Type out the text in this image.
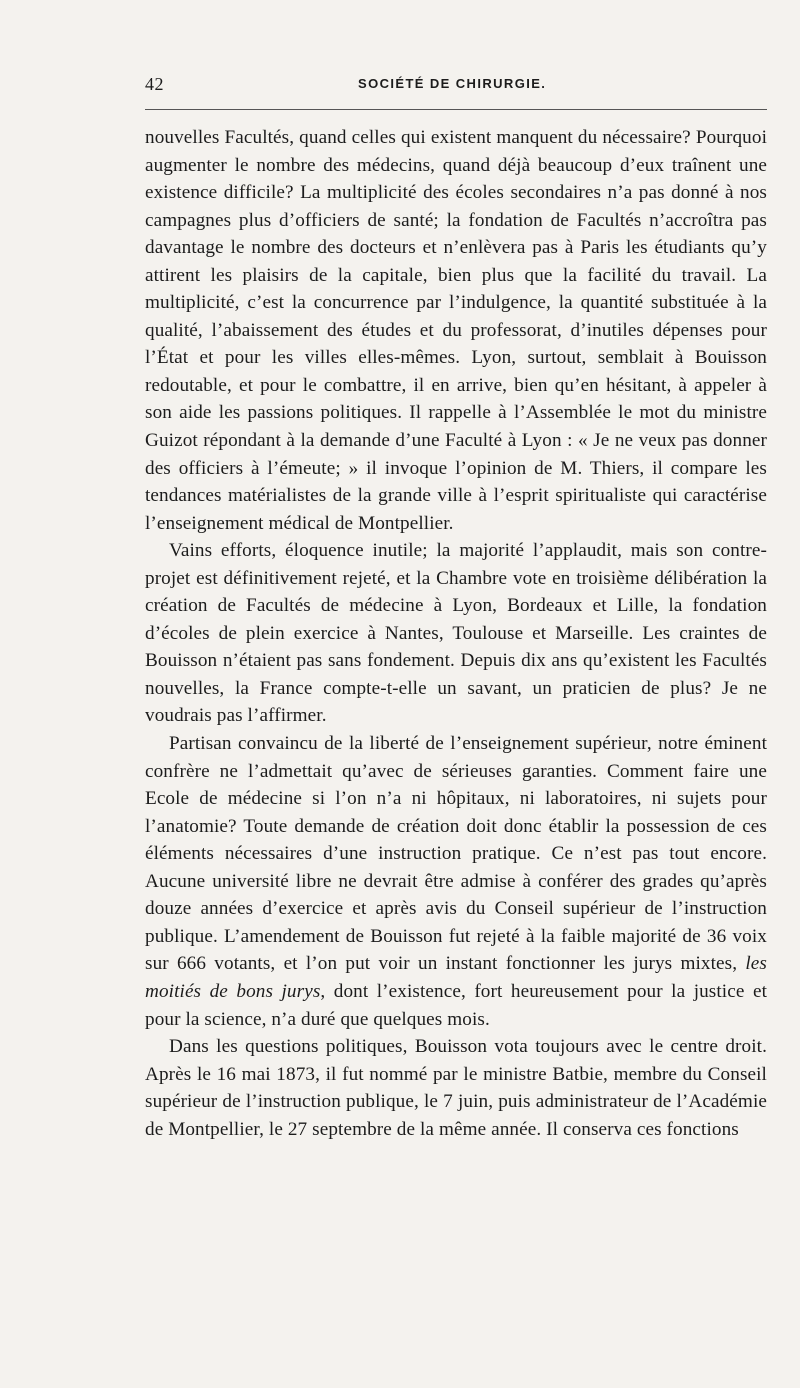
42	SOCIÉTÉ DE CHIRURGIE.

nouvelles Facultés, quand celles qui existent manquent du nécessaire? Pourquoi augmenter le nombre des médecins, quand déjà beaucoup d’eux traînent une existence difficile? La multiplicité des écoles secondaires n’a pas donné à nos campagnes plus d’officiers de santé; la fondation de Facultés n’accroîtra pas davantage le nombre des docteurs et n’enlèvera pas à Paris les étudiants qu’y attirent les plaisirs de la capitale, bien plus que la facilité du travail. La multiplicité, c’est la concurrence par l’indulgence, la quantité substituée à la qualité, l’abaissement des études et du professorat, d’inutiles dépenses pour l’État et pour les villes elles-mêmes. Lyon, surtout, semblait à Bouisson redoutable, et pour le combattre, il en arrive, bien qu’en hésitant, à appeler à son aide les passions politiques. Il rappelle à l’Assemblée le mot du ministre Guizot répondant à la demande d’une Faculté à Lyon : « Je ne veux pas donner des officiers à l’émeute; » il invoque l’opinion de M. Thiers, il compare les tendances matérialistes de la grande ville à l’esprit spiritualiste qui caractérise l’enseignement médical de Montpellier.

Vains efforts, éloquence inutile; la majorité l’applaudit, mais son contre-projet est définitivement rejeté, et la Chambre vote en troisième délibération la création de Facultés de médecine à Lyon, Bordeaux et Lille, la fondation d’écoles de plein exercice à Nantes, Toulouse et Marseille. Les craintes de Bouisson n’étaient pas sans fondement. Depuis dix ans qu’existent les Facultés nouvelles, la France compte-t-elle un savant, un praticien de plus? Je ne voudrais pas l’affirmer.

Partisan convaincu de la liberté de l’enseignement supérieur, notre éminent confrère ne l’admettait qu’avec de sérieuses garanties. Comment faire une Ecole de médecine si l’on n’a ni hôpitaux, ni laboratoires, ni sujets pour l’anatomie? Toute demande de création doit donc établir la possession de ces éléments nécessaires d’une instruction pratique. Ce n’est pas tout encore. Aucune université libre ne devrait être admise à conférer des grades qu’après douze années d’exercice et après avis du Conseil supérieur de l’instruction publique. L’amendement de Bouisson fut rejeté à la faible majorité de 36 voix sur 666 votants, et l’on put voir un instant fonctionner les jurys mixtes, les moitiés de bons jurys, dont l’existence, fort heureusement pour la justice et pour la science, n’a duré que quelques mois.

Dans les questions politiques, Bouisson vota toujours avec le centre droit. Après le 16 mai 1873, il fut nommé par le ministre Batbie, membre du Conseil supérieur de l’instruction publique, le 7 juin, puis administrateur de l’Académie de Montpellier, le 27 septembre de la même année. Il conserva ces fonctions
